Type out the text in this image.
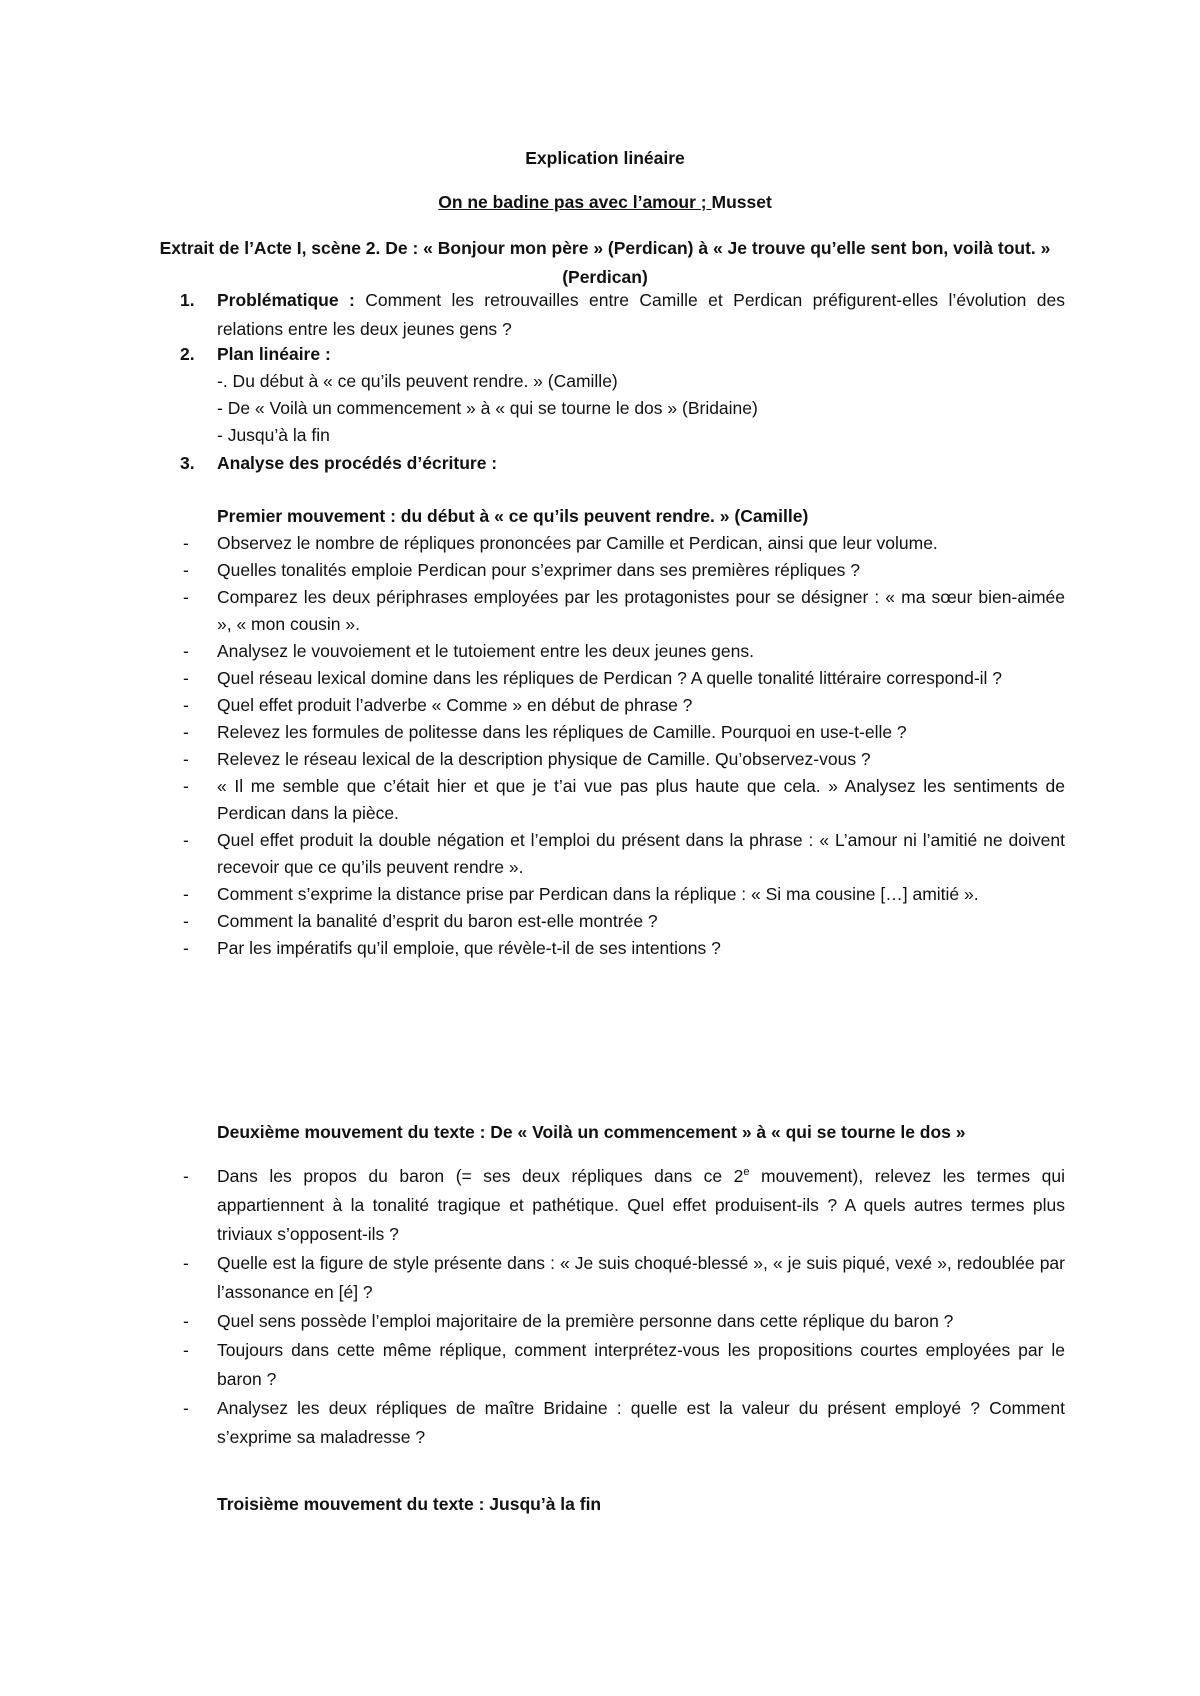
Explication linéaire
On ne badine pas avec l’amour ; Musset
Extrait de l’Acte I, scène 2. De : « Bonjour mon père » (Perdican) à « Je trouve qu’elle sent bon, voilà tout. » (Perdican)
1. Problématique : Comment les retrouvailles entre Camille et Perdican préfigurent-elles l’évolution des relations entre les deux jeunes gens ?
2. Plan linéaire :
-. Du début à « ce qu’ils peuvent rendre. » (Camille)
- De « Voilà un commencement » à « qui se tourne le dos » (Bridaine)
- Jusqu’à la fin
3. Analyse des procédés d’écriture :
Premier mouvement : du début à « ce qu’ils peuvent rendre. » (Camille)
- Observez le nombre de répliques prononcées par Camille et Perdican, ainsi que leur volume.
- Quelles tonalités emploie Perdican pour s’exprimer dans ses premières répliques ?
- Comparez les deux périphrases employées par les protagonistes pour se désigner : « ma sœur bien-aimée », « mon cousin ».
- Analysez le vouvoiement et le tutoiement entre les deux jeunes gens.
- Quel réseau lexical domine dans les répliques de Perdican ? A quelle tonalité littéraire correspond-il ?
- Quel effet produit l’adverbe « Comme » en début de phrase ?
- Relevez les formules de politesse dans les répliques de Camille. Pourquoi en use-t-elle ?
- Relevez le réseau lexical de la description physique de Camille. Qu’observez-vous ?
- « Il me semble que c’était hier et que je t’ai vue pas plus haute que cela. » Analysez les sentiments de Perdican dans la pièce.
- Quel effet produit la double négation et l’emploi du présent dans la phrase : « L’amour ni l’amitié ne doivent recevoir que ce qu’ils peuvent rendre ».
- Comment s’exprime la distance prise par Perdican dans la réplique : « Si ma cousine […] amitié ».
- Comment la banalité d’esprit du baron est-elle montrée ?
- Par les impératifs qu’il emploie, que révèle-t-il de ses intentions ?
Deuxième mouvement du texte : De « Voilà un commencement » à « qui se tourne le dos »
- Dans les propos du baron (= ses deux répliques dans ce 2e mouvement), relevez les termes qui appartiennent à la tonalité tragique et pathétique. Quel effet produisent-ils ? A quels autres termes plus triviaux s’opposent-ils ?
- Quelle est la figure de style présente dans : « Je suis choqué-blessé », « je suis piqué, vexé », redoublée par l’assonance en [é] ?
- Quel sens possède l’emploi majoritaire de la première personne dans cette réplique du baron ?
- Toujours dans cette même réplique, comment interprétez-vous les propositions courtes employées par le baron ?
- Analysez les deux répliques de maître Bridaine : quelle est la valeur du présent employé ? Comment s’exprime sa maladresse ?
Troisième mouvement du texte : Jusqu’à la fin
